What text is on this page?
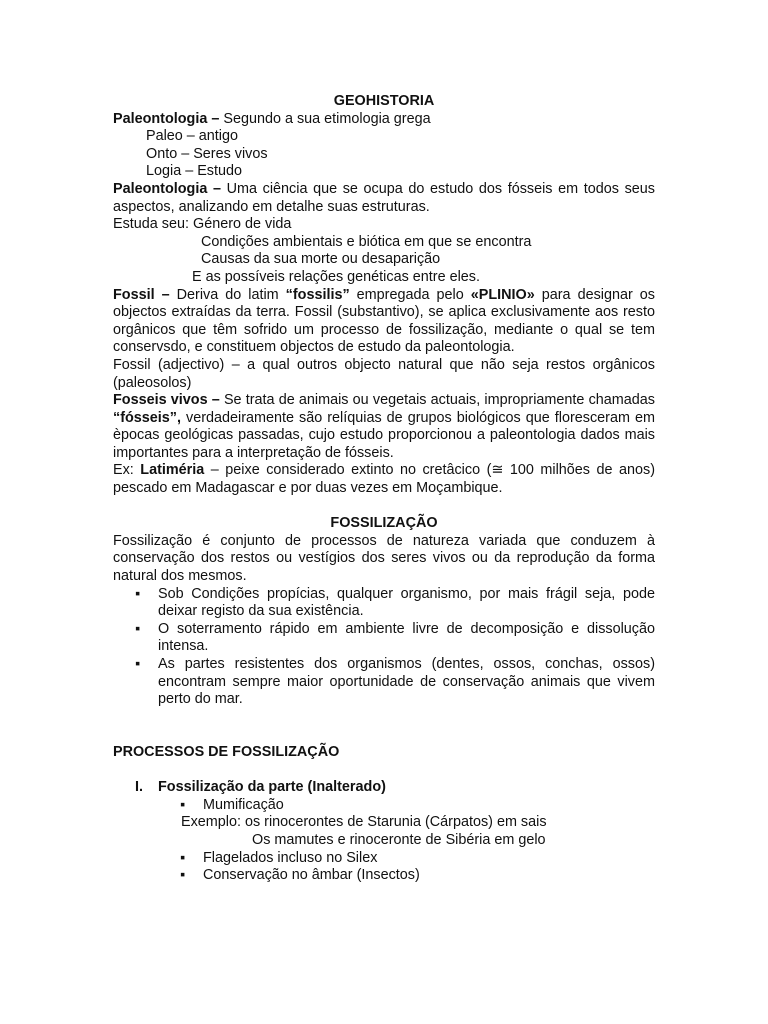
GEOHISTORIA

Paleontologia – Segundo a sua etimologia grega

Paleo – antigo

Onto – Seres vivos

Logia – Estudo

Paleontologia – Uma ciência que se ocupa do estudo dos fósseis em todos seus aspectos, analizando em detalhe suas estruturas.

Estuda seu: Género de vida

Condições ambientais e biótica em que se encontra

Causas da sua morte ou desaparição

E as possíveis relações genéticas entre eles.

Fossil – Deriva do latim “fossilis” empregada pelo «PLINIO» para designar os objectos extraídas da terra. Fossil (substantivo), se aplica exclusivamente aos resto orgânicos que têm sofrido um processo de fossilização, mediante o qual se tem conservsdo, e constituem objectos de estudo da paleontologia.

Fossil (adjectivo) – a qual outros objecto natural que não seja restos orgânicos (paleosolos)

Fosseis vivos – Se trata de animais ou vegetais actuais, impropriamente chamadas “fósseis”, verdadeiramente são relíquias de grupos biológicos que floresceram em èpocas geológicas passadas, cujo estudo proporcionou a paleontologia dados mais importantes para a interpretação de fósseis.

Ex: Latiméria – peixe considerado extinto no cretâcico (≅ 100 milhões de anos) pescado em Madagascar e por duas vezes em Moçambique.

FOSSILIZAÇÃO

Fossilização é conjunto de processos de natureza variada que conduzem à conservação dos restos ou vestígios dos seres vivos ou da reprodução da forma natural dos mesmos.

▪ Sob Condições propícias, qualquer organismo, por mais frágil seja, pode deixar registo da sua existência.
▪ O soterramento rápido em ambiente livre de decomposição e dissolução intensa.
▪ As partes resistentes dos organismos (dentes, ossos, conchas, ossos) encontram sempre maior oportunidade de conservação animais que vivem perto do mar.

PROCESSOS DE FOSSILIZAÇÃO

I. Fossilização da parte (Inalterado)

▪ Mumificação

Exemplo: os rinocerontes de Starunia (Cárpatos) em sais

Os mamutes e rinoceronte de Sibéria em gelo

▪ Flagelados incluso no Silex
▪ Conservação no âmbar (Insectos)
